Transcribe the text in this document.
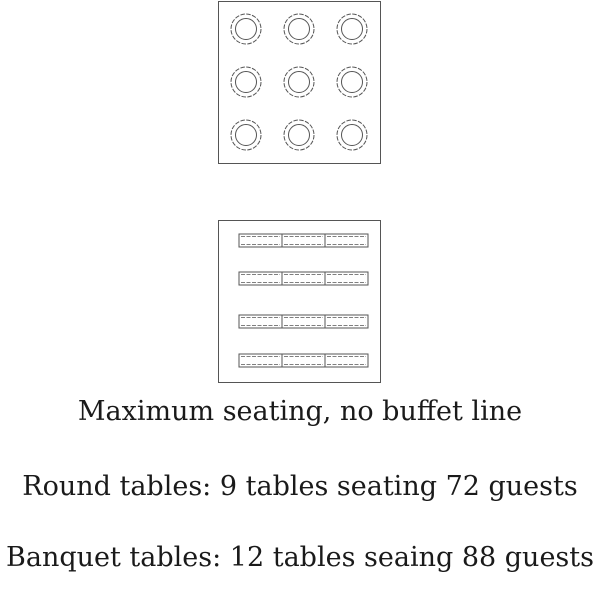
Maximum seating, no buffet line
Round tables: 9 tables seating 72 guests
Banquet tables: 12 tables seaing 88 guests
